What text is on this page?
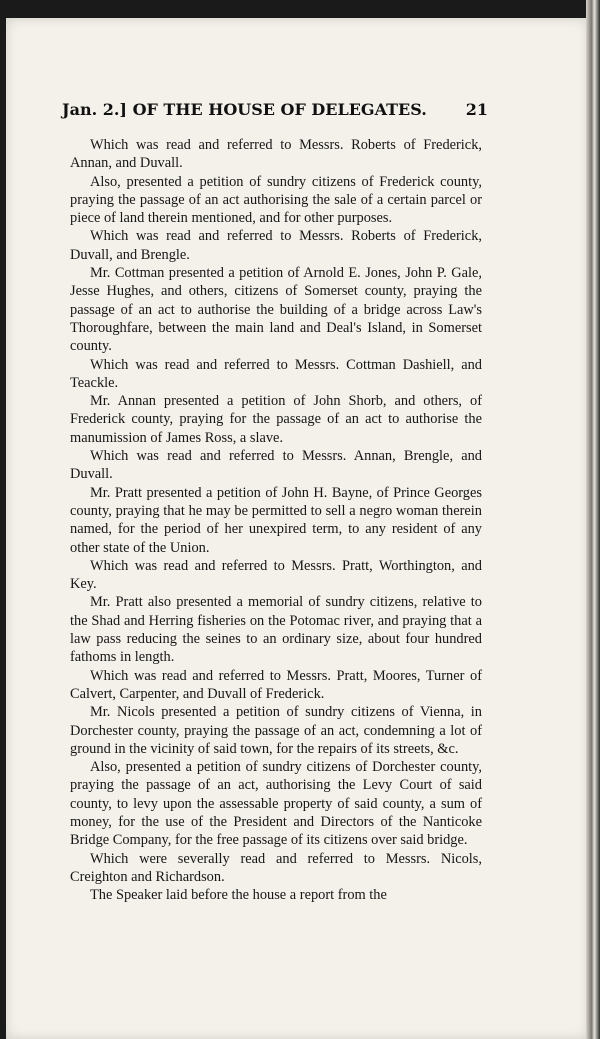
Jan. 2.] OF THE HOUSE OF DELEGATES. 21

Which was read and referred to Messrs. Roberts of Frederick, Annan, and Duvall.

Also, presented a petition of sundry citizens of Frederick county, praying the passage of an act authorising the sale of a certain parcel or piece of land therein mentioned, and for other purposes.

Which was read and referred to Messrs. Roberts of Frederick, Duvall, and Brengle.

Mr. Cottman presented a petition of Arnold E. Jones, John P. Gale, Jesse Hughes, and others, citizens of Somerset county, praying the passage of an act to authorise the building of a bridge across Law's Thoroughfare, between the main land and Deal's Island, in Somerset county.

Which was read and referred to Messrs. Cottman Dashiell, and Teackle.

Mr. Annan presented a petition of John Shorb, and others, of Frederick county, praying for the passage of an act to authorise the manumission of James Ross, a slave.

Which was read and referred to Messrs. Annan, Brengle, and Duvall.

Mr. Pratt presented a petition of John H. Bayne, of Prince Georges county, praying that he may be permitted to sell a negro woman therein named, for the period of her unexpired term, to any resident of any other state of the Union.

Which was read and referred to Messrs. Pratt, Worthington, and Key.

Mr. Pratt also presented a memorial of sundry citizens, relative to the Shad and Herring fisheries on the Potomac river, and praying that a law pass reducing the seines to an ordinary size, about four hundred fathoms in length.

Which was read and referred to Messrs. Pratt, Moores, Turner of Calvert, Carpenter, and Duvall of Frederick.

Mr. Nicols presented a petition of sundry citizens of Vienna, in Dorchester county, praying the passage of an act, condemning a lot of ground in the vicinity of said town, for the repairs of its streets, &c.

Also, presented a petition of sundry citizens of Dorchester county, praying the passage of an act, authorising the Levy Court of said county, to levy upon the assessable property of said county, a sum of money, for the use of the President and Directors of the Nanticoke Bridge Company, for the free passage of its citizens over said bridge.

Which were severally read and referred to Messrs. Nicols, Creighton and Richardson.

The Speaker laid before the house a report from the
